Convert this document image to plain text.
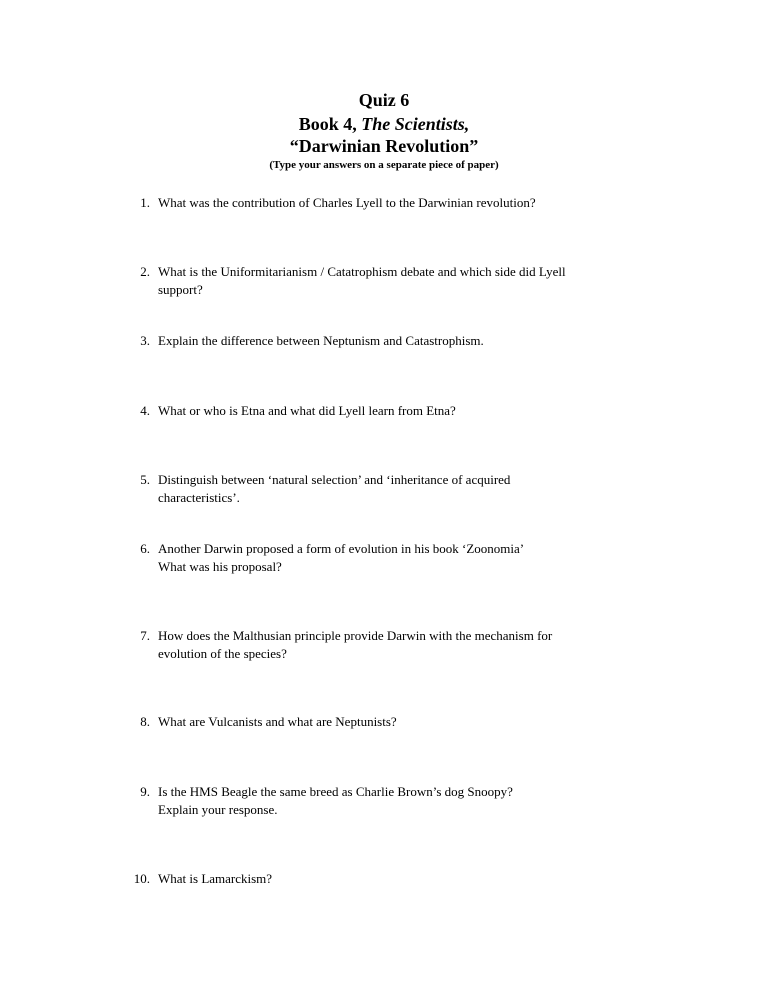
Quiz 6
Book 4, The Scientists,
“Darwinian Revolution”
(Type your answers on a separate piece of paper)
1. What was the contribution of Charles Lyell to the Darwinian revolution?
2. What is the Uniformitarianism / Catatrophism debate and which side did Lyell
support?
3. Explain the difference between Neptunism and Catastrophism.
4. What or who is Etna and what did Lyell learn from Etna?
5. Distinguish between ‘natural selection’ and ‘inheritance of acquired
characteristics’.
6. Another Darwin proposed a form of evolution in his book ‘Zoonomia’
What was his proposal?
7. How does the Malthusian principle provide Darwin with the mechanism for
evolution of the species?
8. What are Vulcanists and what are Neptunists?
9. Is the HMS Beagle the same breed as Charlie Brown’s dog Snoopy?
Explain your response.
10. What is Lamarckism?
